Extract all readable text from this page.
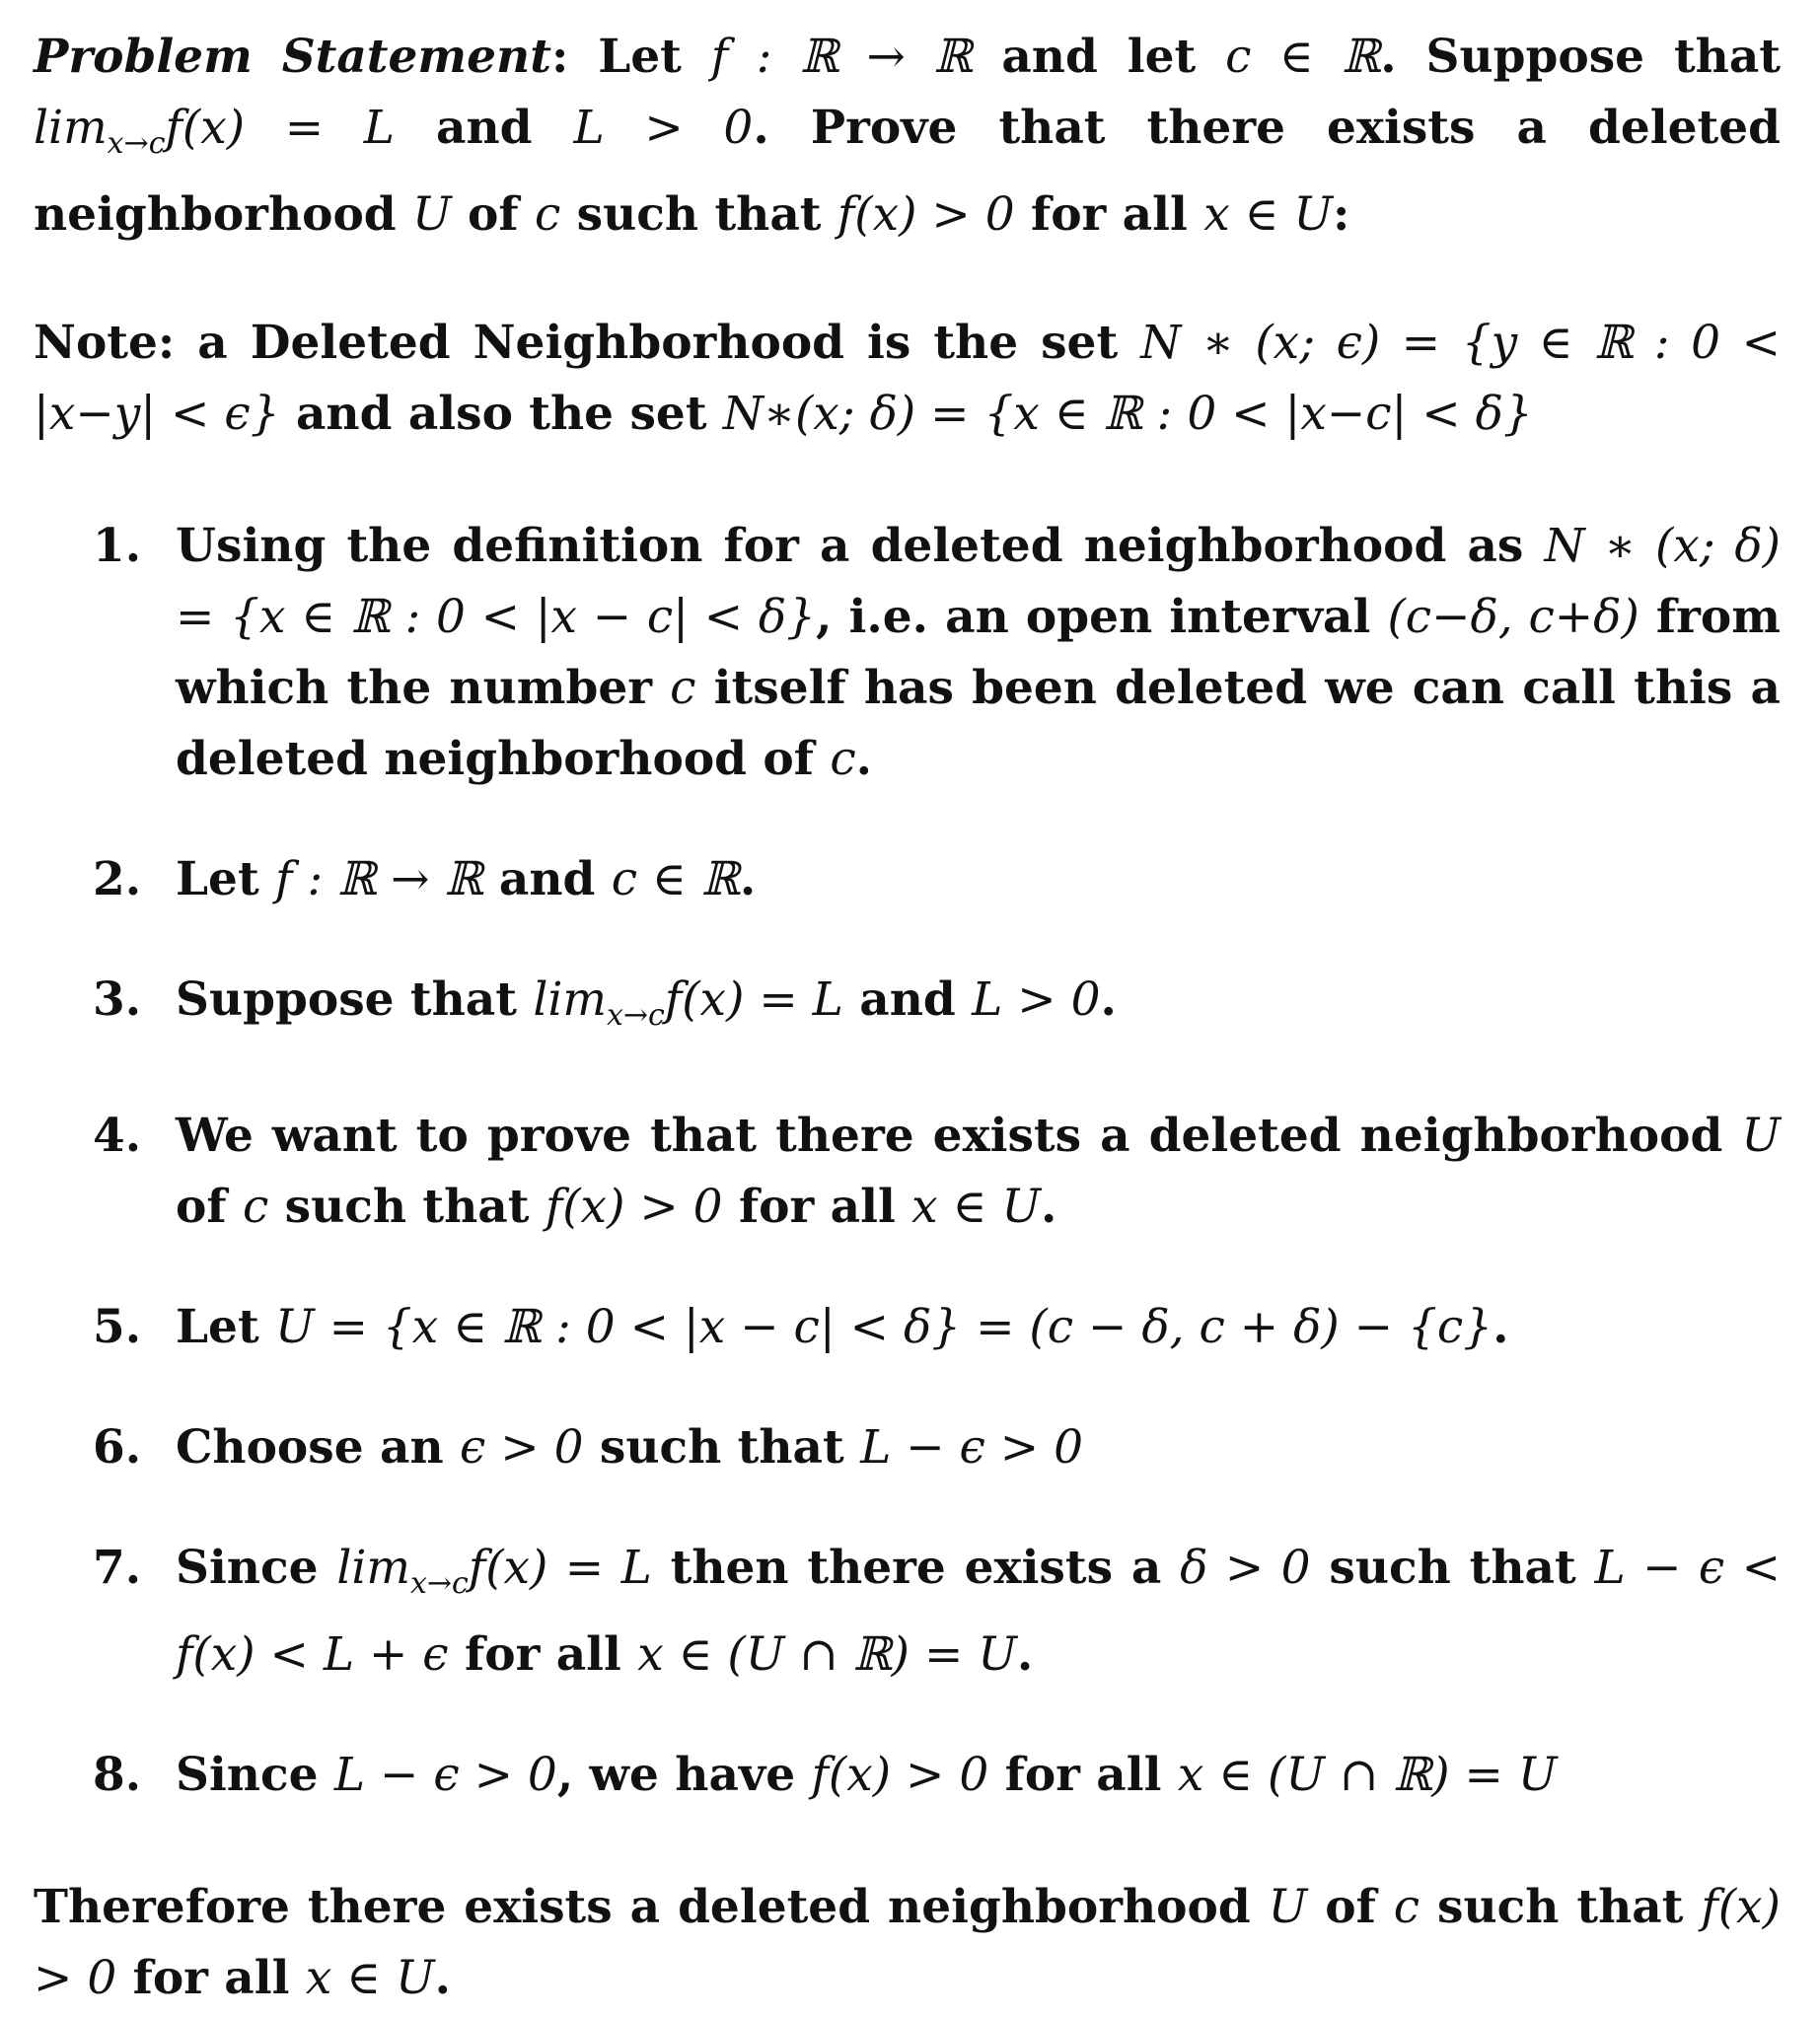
Problem Statement: Let f : ℝ → ℝ and let c ∈ ℝ. Suppose that $\lim_{x\to c}f(x) = L$ and L > 0. Prove that there exists a deleted neighborhood U of c such that f(x) > 0 for all x ∈ U:

Note: a Deleted Neighborhood is the set N ∗ (x; ϵ) = {y ∈ ℝ : 0 < |x−y| < ϵ} and also the set N∗(x; δ) = {x ∈ ℝ : 0 < |x−c| < δ}

1. Using the definition for a deleted neighborhood as N ∗ (x; δ) = {x ∈ ℝ : 0 < |x − c| < δ}, i.e. an open interval (c−δ, c+δ) from which the number c itself has been deleted we can call this a deleted neighborhood of c.
2. Let f : ℝ → ℝ and c ∈ ℝ.
3. Suppose that $\lim_{x\to c}f(x) = L$ and L > 0.
4. We want to prove that there exists a deleted neighborhood U of c such that f(x) > 0 for all x ∈ U.
5. Let U = {x ∈ ℝ : 0 < |x − c| < δ} = (c − δ, c + δ) − {c}.
6. Choose an ϵ > 0 such that L − ϵ > 0
7. Since $\lim_{x\to c}f(x) = L$ then there exists a δ > 0 such that L − ϵ < f(x) < L + ϵ for all x ∈ (U ∩ ℝ) = U.
8. Since L − ϵ > 0, we have f(x) > 0 for all x ∈ (U ∩ ℝ) = U

Therefore there exists a deleted neighborhood U of c such that f(x) > 0 for all x ∈ U.
